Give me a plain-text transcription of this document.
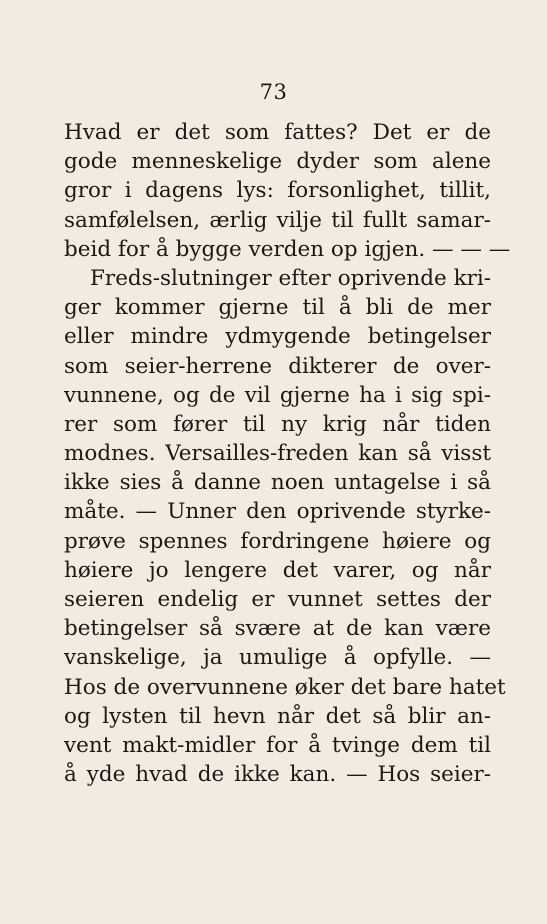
73
Hvad er det som fattes? Det er de
gode menneskelige dyder som alene
gror i dagens lys: forsonlighet, tillit,
samfølelsen, ærlig vilje til fullt samar-
beid for å bygge verden op igjen. — — —
Freds-slutninger efter oprivende kri-
ger kommer gjerne til å bli de mer
eller mindre ydmygende betingelser
som seier-herrene dikterer de over-
vunnene, og de vil gjerne ha i sig spi-
rer som fører til ny krig når tiden
modnes. Versailles-freden kan så visst
ikke sies å danne noen untagelse i så
måte. — Unner den oprivende styrke-
prøve spennes fordringene høiere og
høiere jo lengere det varer, og når
seieren endelig er vunnet settes der
betingelser så svære at de kan være
vanskelige, ja umulige å opfylle. —
Hos de overvunnene øker det bare hatet
og lysten til hevn når det så blir an-
vent makt-midler for å tvinge dem til
å yde hvad de ikke kan. — Hos seier-
